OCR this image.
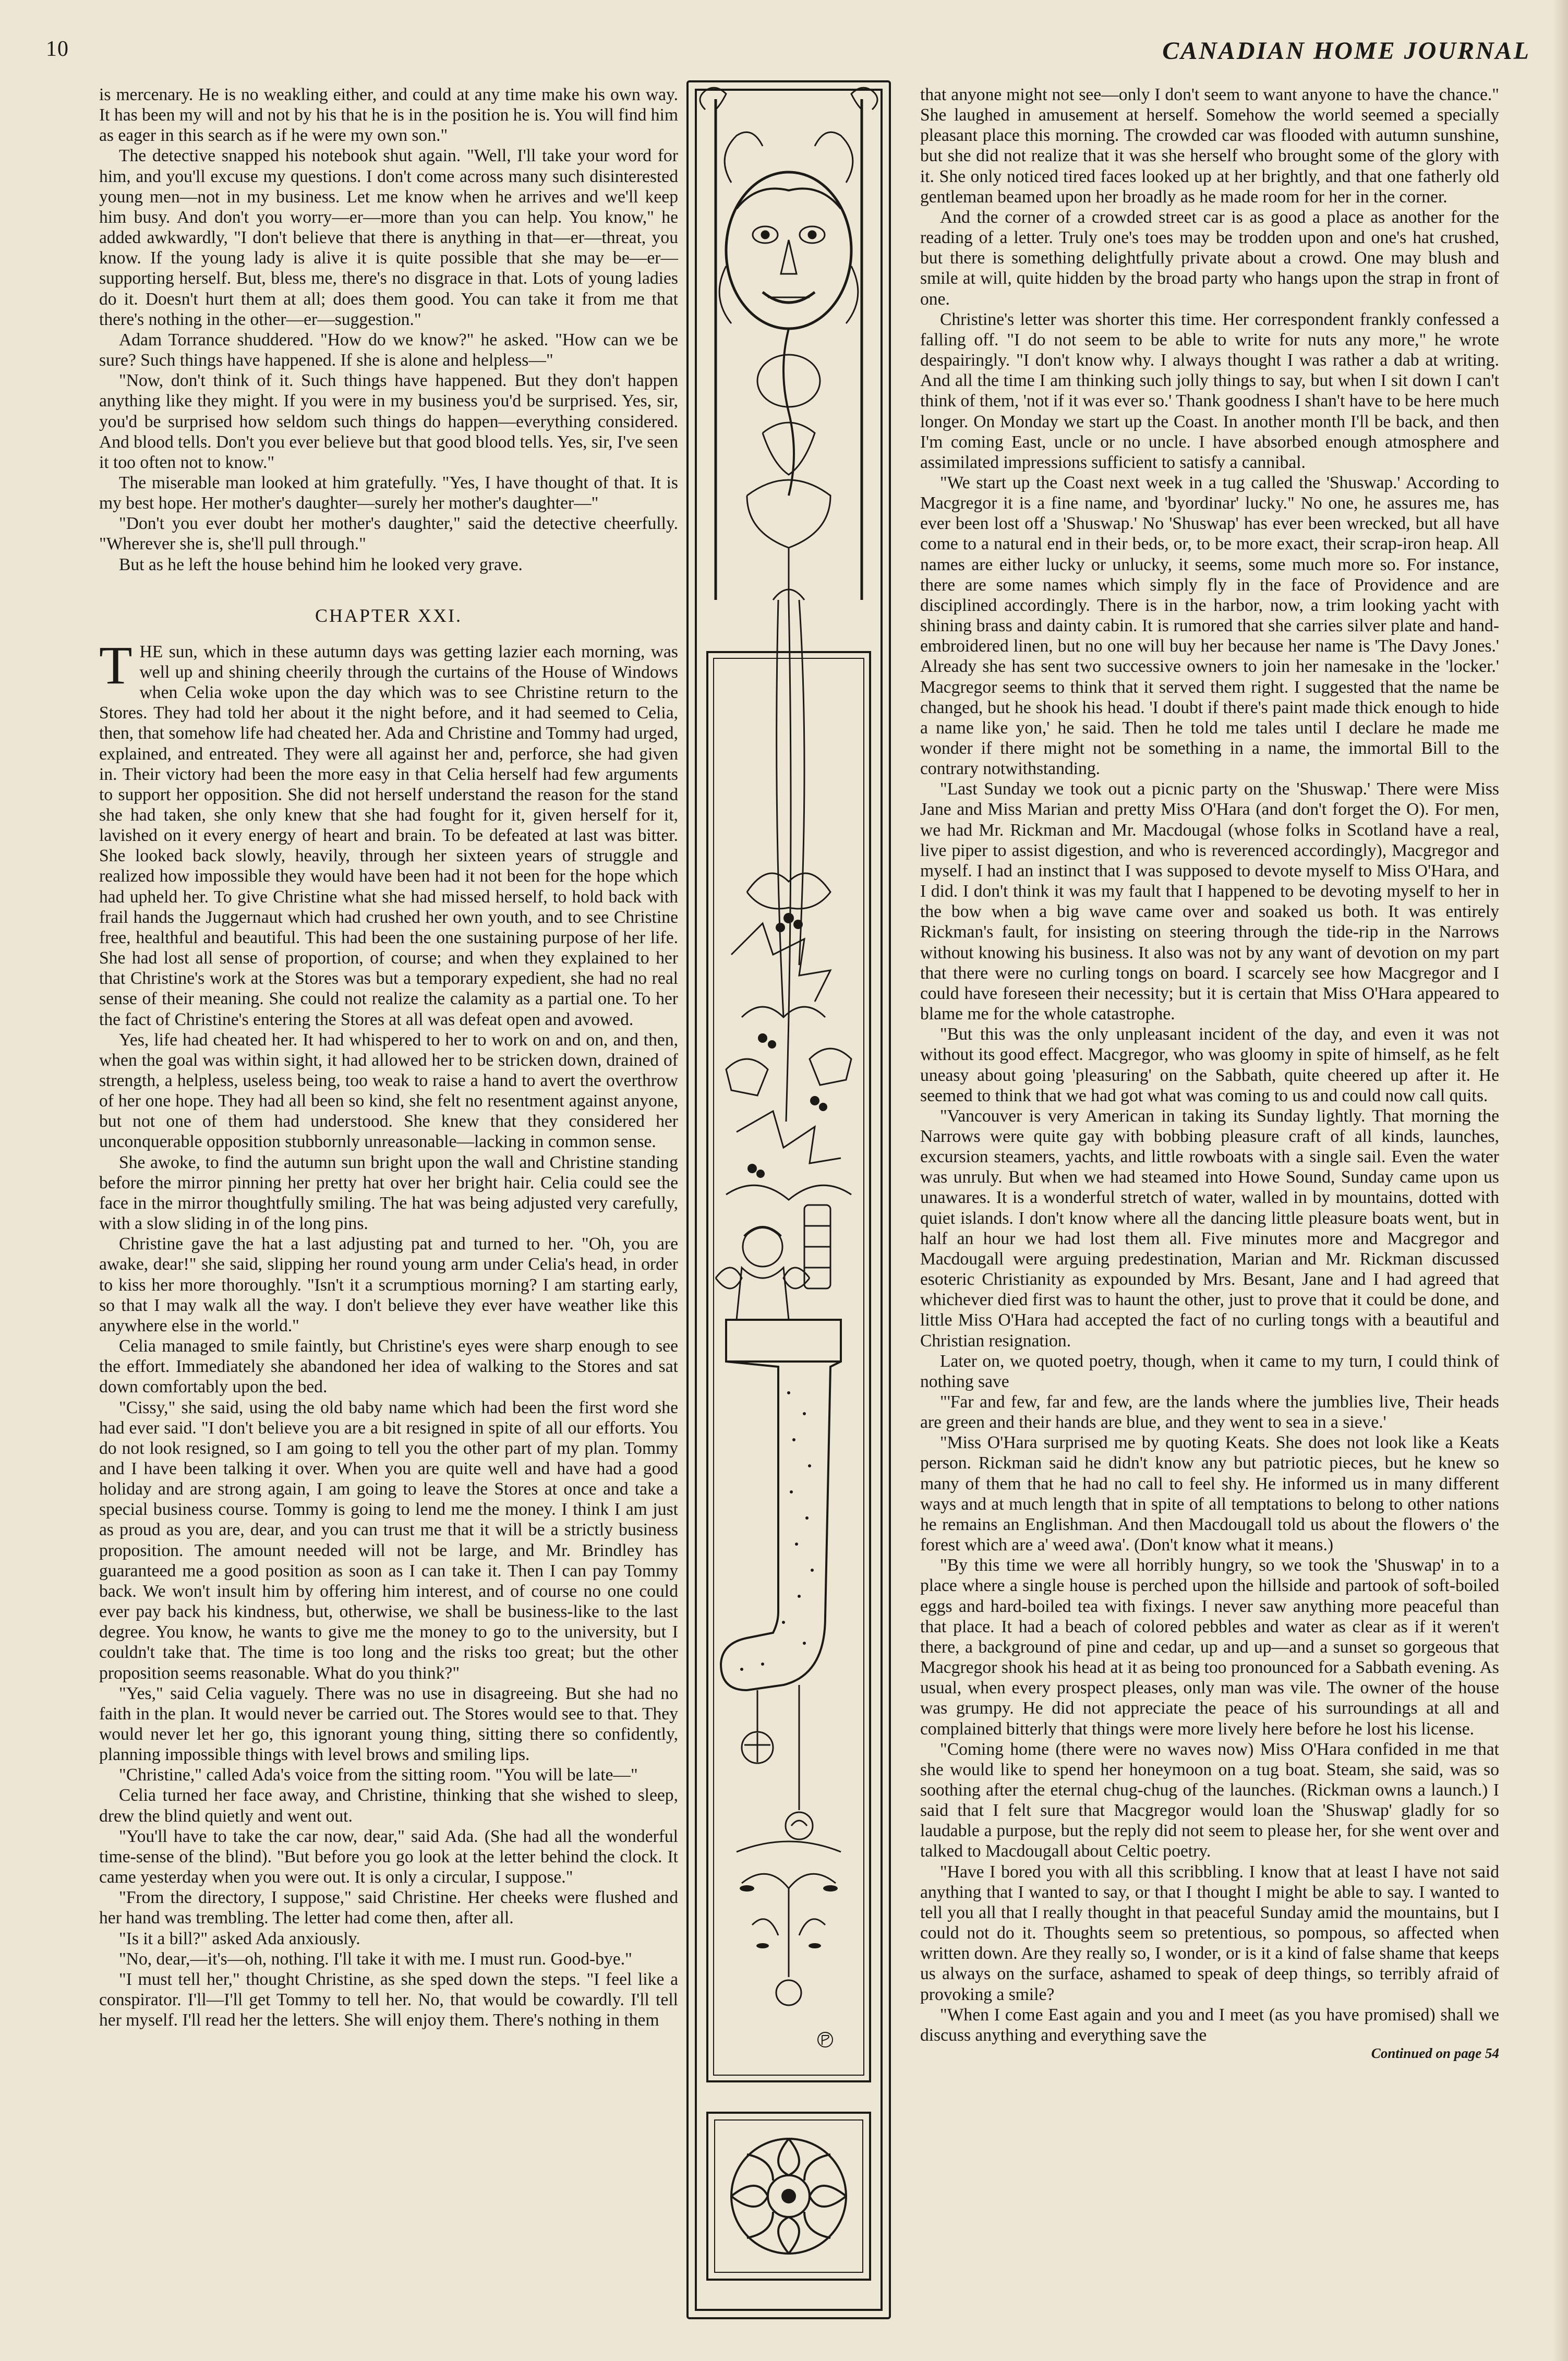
10	CANADIAN HOME JOURNAL

is mercenary. He is no weakling either, and could at any time make his own way. It has been my will and not by his that he is in the position he is. You will find him as eager in this search as if he were my own son."

The detective snapped his notebook shut again. "Well, I'll take your word for him, and you'll excuse my questions. I don't come across many such disinterested young men—not in my business. Let me know when he arrives and we'll keep him busy. And don't you worry—er—more than you can help. You know," he added awkwardly, "I don't believe that there is anything in that—er—threat, you know. If the young lady is alive it is quite possible that she may be—er—supporting herself. But, bless me, there's no disgrace in that. Lots of young ladies do it. Doesn't hurt them at all; does them good. You can take it from me that there's nothing in the other—er—suggestion."

Adam Torrance shuddered. "How do we know?" he asked. "How can we be sure? Such things have happened. If she is alone and helpless—"

"Now, don't think of it. Such things have happened. But they don't happen anything like they might. If you were in my business you'd be surprised. Yes, sir, you'd be surprised how seldom such things do happen—everything considered. And blood tells. Don't you ever believe but that good blood tells. Yes, sir, I've seen it too often not to know."

The miserable man looked at him gratefully. "Yes, I have thought of that. It is my best hope. Her mother's daughter—surely her mother's daughter—"

"Don't you ever doubt her mother's daughter," said the detective cheerfully. "Wherever she is, she'll pull through."

But as he left the house behind him he looked very grave.

CHAPTER XXI.

THE sun, which in these autumn days was getting lazier each morning, was well up and shining cheerily through the curtains of the House of Windows when Celia woke upon the day which was to see Christine return to the Stores. They had told her about it the night before, and it had seemed to Celia, then, that somehow life had cheated her. Ada and Christine and Tommy had urged, explained, and entreated. They were all against her and, perforce, she had given in. Their victory had been the more easy in that Celia herself had few arguments to support her opposition. She did not herself understand the reason for the stand she had taken, she only knew that she had fought for it, given herself for it, lavished on it every energy of heart and brain. To be defeated at last was bitter. She looked back slowly, heavily, through her sixteen years of struggle and realized how impossible they would have been had it not been for the hope which had upheld her. To give Christine what she had missed herself, to hold back with frail hands the Juggernaut which had crushed her own youth, and to see Christine free, healthful and beautiful. This had been the one sustaining purpose of her life. She had lost all sense of proportion, of course; and when they explained to her that Christine's work at the Stores was but a temporary expedient, she had no real sense of their meaning. She could not realize the calamity as a partial one. To her the fact of Christine's entering the Stores at all was defeat open and avowed.

Yes, life had cheated her. It had whispered to her to work on and on, and then, when the goal was within sight, it had allowed her to be stricken down, drained of strength, a helpless, useless being, too weak to raise a hand to avert the overthrow of her one hope. They had all been so kind, she felt no resentment against anyone, but not one of them had understood. She knew that they considered her unconquerable opposition stubbornly unreasonable—lacking in common sense.

She awoke, to find the autumn sun bright upon the wall and Christine standing before the mirror pinning her pretty hat over her bright hair. Celia could see the face in the mirror thoughtfully smiling. The hat was being adjusted very carefully, with a slow sliding in of the long pins.

Christine gave the hat a last adjusting pat and turned to her. "Oh, you are awake, dear!" she said, slipping her round young arm under Celia's head, in order to kiss her more thoroughly. "Isn't it a scrumptious morning? I am starting early, so that I may walk all the way. I don't believe they ever have weather like this anywhere else in the world."

Celia managed to smile faintly, but Christine's eyes were sharp enough to see the effort. Immediately she abandoned her idea of walking to the Stores and sat down comfortably upon the bed.

"Cissy," she said, using the old baby name which had been the first word she had ever said. "I don't believe you are a bit resigned in spite of all our efforts. You do not look resigned, so I am going to tell you the other part of my plan. Tommy and I have been talking it over. When you are quite well and have had a good holiday and are strong again, I am going to leave the Stores at once and take a special business course. Tommy is going to lend me the money. I think I am just as proud as you are, dear, and you can trust me that it will be a strictly business proposition. The amount needed will not be large, and Mr. Brindley has guaranteed me a good position as soon as I can take it. Then I can pay Tommy back. We won't insult him by offering him interest, and of course no one could ever pay back his kindness, but, otherwise, we shall be business-like to the last degree. You know, he wants to give me the money to go to the university, but I couldn't take that. The time is too long and the risks too great; but the other proposition seems reasonable. What do you think?"

"Yes," said Celia vaguely. There was no use in disagreeing. But she had no faith in the plan. It would never be carried out. The Stores would see to that. They would never let her go, this ignorant young thing, sitting there so confidently, planning impossible things with level brows and smiling lips.

"Christine," called Ada's voice from the sitting room. "You will be late—"

Celia turned her face away, and Christine, thinking that she wished to sleep, drew the blind quietly and went out.

"You'll have to take the car now, dear," said Ada. (She had all the wonderful time-sense of the blind). "But before you go look at the letter behind the clock. It came yesterday when you were out. It is only a circular, I suppose."

"From the directory, I suppose," said Christine. Her cheeks were flushed and her hand was trembling. The letter had come then, after all.

"Is it a bill?" asked Ada anxiously.

"No, dear,—it's—oh, nothing. I'll take it with me. I must run. Good-bye."

"I must tell her," thought Christine, as she sped down the steps. "I feel like a conspirator. I'll—I'll get Tommy to tell her. No, that would be cowardly. I'll tell her myself. I'll read her the letters. She will enjoy them. There's nothing in them

that anyone might not see—only I don't seem to want anyone to have the chance." She laughed in amusement at herself. Somehow the world seemed a specially pleasant place this morning. The crowded car was flooded with autumn sunshine, but she did not realize that it was she herself who brought some of the glory with it. She only noticed tired faces looked up at her brightly, and that one fatherly old gentleman beamed upon her broadly as he made room for her in the corner.

And the corner of a crowded street car is as good a place as another for the reading of a letter. Truly one's toes may be trodden upon and one's hat crushed, but there is something delightfully private about a crowd. One may blush and smile at will, quite hidden by the broad party who hangs upon the strap in front of one.

Christine's letter was shorter this time. Her correspondent frankly confessed a falling off. "I do not seem to be able to write for nuts any more," he wrote despairingly. "I don't know why. I always thought I was rather a dab at writing. And all the time I am thinking such jolly things to say, but when I sit down I can't think of them, 'not if it was ever so.' Thank goodness I shan't have to be here much longer. On Monday we start up the Coast. In another month I'll be back, and then I'm coming East, uncle or no uncle. I have absorbed enough atmosphere and assimilated impressions sufficient to satisfy a cannibal.

"We start up the Coast next week in a tug called the 'Shuswap.' According to Macgregor it is a fine name, and 'byordinar' lucky." No one, he assures me, has ever been lost off a 'Shuswap.' No 'Shuswap' has ever been wrecked, but all have come to a natural end in their beds, or, to be more exact, their scrap-iron heap. All names are either lucky or unlucky, it seems, some much more so. For instance, there are some names which simply fly in the face of Providence and are disciplined accordingly. There is in the harbor, now, a trim looking yacht with shining brass and dainty cabin. It is rumored that she carries silver plate and hand-embroidered linen, but no one will buy her because her name is 'The Davy Jones.' Already she has sent two successive owners to join her namesake in the 'locker.' Macgregor seems to think that it served them right. I suggested that the name be changed, but he shook his head. 'I doubt if there's paint made thick enough to hide a name like yon,' he said. Then he told me tales until I declare he made me wonder if there might not be something in a name, the immortal Bill to the contrary notwithstanding.

"Last Sunday we took out a picnic party on the 'Shuswap.' There were Miss Jane and Miss Marian and pretty Miss O'Hara (and don't forget the O). For men, we had Mr. Rickman and Mr. Macdougal (whose folks in Scotland have a real, live piper to assist digestion, and who is reverenced accordingly), Macgregor and myself. I had an instinct that I was supposed to devote myself to Miss O'Hara, and I did. I don't think it was my fault that I happened to be devoting myself to her in the bow when a big wave came over and soaked us both. It was entirely Rickman's fault, for insisting on steering through the tide-rip in the Narrows without knowing his business. It also was not by any want of devotion on my part that there were no curling tongs on board. I scarcely see how Macgregor and I could have foreseen their necessity; but it is certain that Miss O'Hara appeared to blame me for the whole catastrophe.

"But this was the only unpleasant incident of the day, and even it was not without its good effect. Macgregor, who was gloomy in spite of himself, as he felt uneasy about going 'pleasuring' on the Sabbath, quite cheered up after it. He seemed to think that we had got what was coming to us and could now call quits.

"Vancouver is very American in taking its Sunday lightly. That morning the Narrows were quite gay with bobbing pleasure craft of all kinds, launches, excursion steamers, yachts, and little rowboats with a single sail. Even the water was unruly. But when we had steamed into Howe Sound, Sunday came upon us unawares. It is a wonderful stretch of water, walled in by mountains, dotted with quiet islands. I don't know where all the dancing little pleasure boats went, but in half an hour we had lost them all. Five minutes more and Macgregor and Macdougall were arguing predestination, Marian and Mr. Rickman discussed esoteric Christianity as expounded by Mrs. Besant, Jane and I had agreed that whichever died first was to haunt the other, just to prove that it could be done, and little Miss O'Hara had accepted the fact of no curling tongs with a beautiful and Christian resignation.

Later on, we quoted poetry, though, when it came to my turn, I could think of nothing save

"'Far and few, far and few, are the lands where the jumblies live, Their heads are green and their hands are blue, and they went to sea in a sieve.'

"Miss O'Hara surprised me by quoting Keats. She does not look like a Keats person. Rickman said he didn't know any but patriotic pieces, but he knew so many of them that he had no call to feel shy. He informed us in many different ways and at much length that in spite of all temptations to belong to other nations he remains an Englishman. And then Macdougall told us about the flowers o' the forest which are a' weed awa'. (Don't know what it means.)

"By this time we were all horribly hungry, so we took the 'Shuswap' in to a place where a single house is perched upon the hillside and partook of soft-boiled eggs and hard-boiled tea with fixings. I never saw anything more peaceful than that place. It had a beach of colored pebbles and water as clear as if it weren't there, a background of pine and cedar, up and up—and a sunset so gorgeous that Macgregor shook his head at it as being too pronounced for a Sabbath evening. As usual, when every prospect pleases, only man was vile. The owner of the house was grumpy. He did not appreciate the peace of his surroundings at all and complained bitterly that things were more lively here before he lost his license.

"Coming home (there were no waves now) Miss O'Hara confided in me that she would like to spend her honeymoon on a tug boat. Steam, she said, was so soothing after the eternal chug-chug of the launches. (Rickman owns a launch.) I said that I felt sure that Macgregor would loan the 'Shuswap' gladly for so laudable a purpose, but the reply did not seem to please her, for she went over and talked to Macdougall about Celtic poetry.

"Have I bored you with all this scribbling. I know that at least I have not said anything that I wanted to say, or that I thought I might be able to say. I wanted to tell you all that I really thought in that peaceful Sunday amid the mountains, but I could not do it. Thoughts seem so pretentious, so pompous, so affected when written down. Are they really so, I wonder, or is it a kind of false shame that keeps us always on the surface, ashamed to speak of deep things, so terribly afraid of provoking a smile?

"When I come East again and you and I meet (as you have promised) shall we discuss anything and everything save the

Continued on page 54
